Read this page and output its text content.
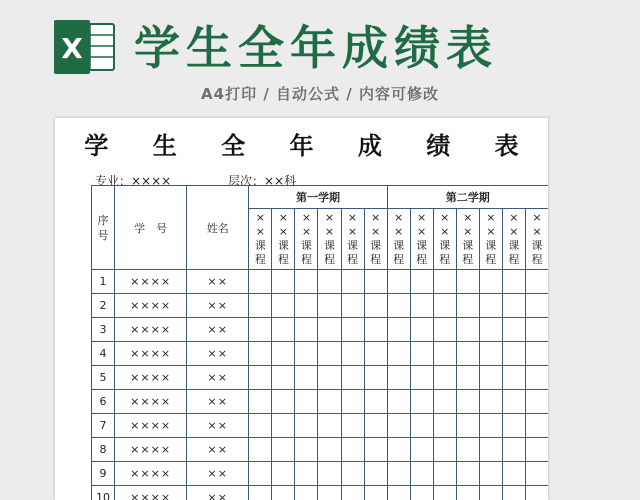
X 学生全年成绩表
A4打印 / 自动公式 / 内容可修改
学 生 全 年 成 绩 表
专业：××××	层次：××科
序号	学　号	姓名	第一学期						第二学期						
			××课程	××课程	××课程	××课程	××课程	××课程	××课程	××课程	××课程	××课程	××课程	××课程	××课程
1	××××	××													
2	××××	××													
3	××××	××													
4	××××	××													
5	××××	××													
6	××××	××													
7	××××	××													
8	××××	××													
9	××××	××													
10	××××	××													
